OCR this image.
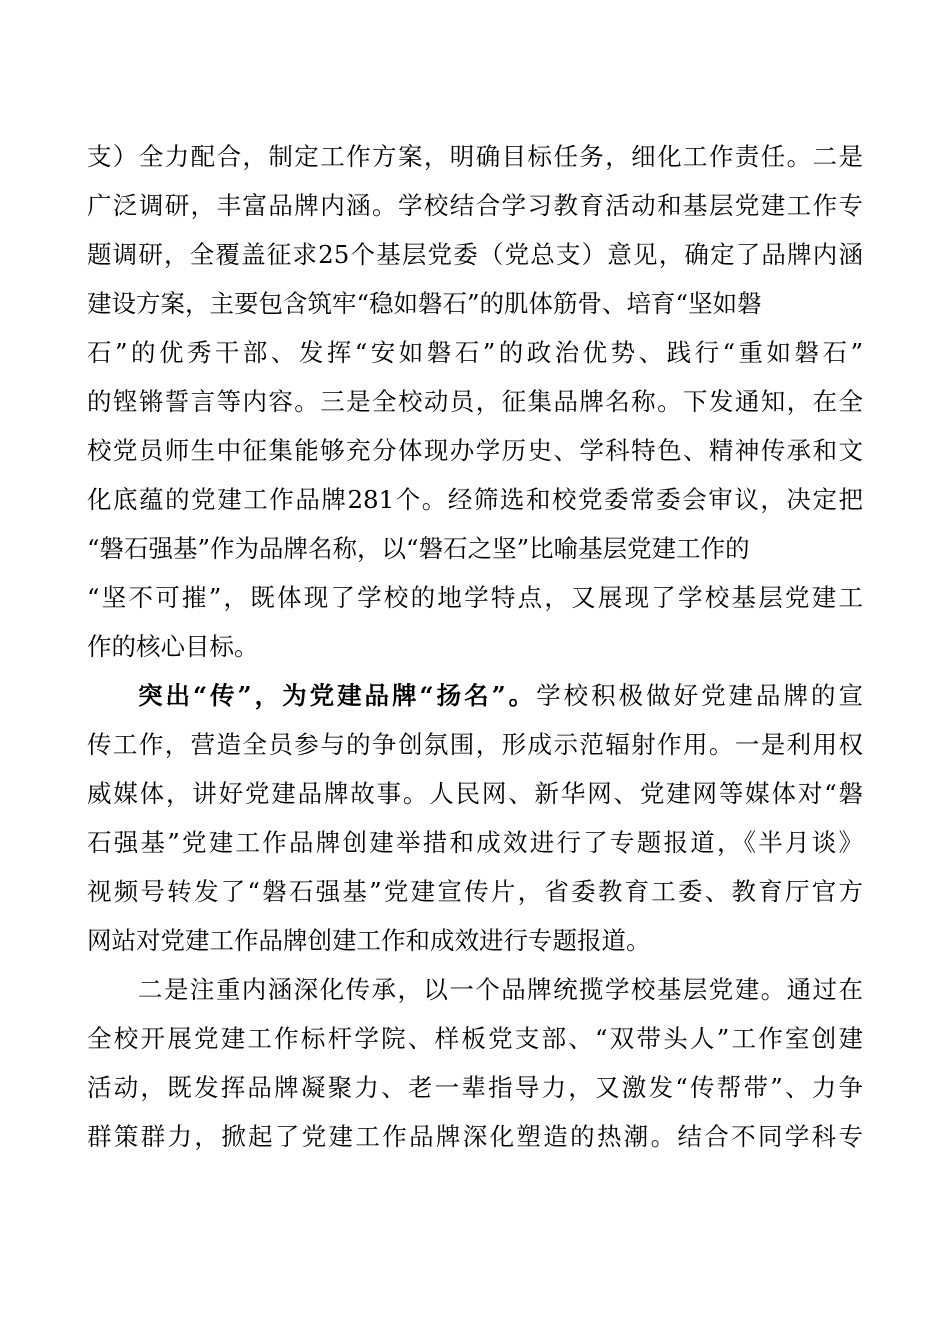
支）全力配合，制定工作方案，明确目标任务，细化工作责任。二是
广泛调研，丰富品牌内涵。学校结合学习教育活动和基层党建工作专
题调研，全覆盖征求25个基层党委（党总支）意见，确定了品牌内涵
建设方案，主要包含筑牢“稳如磐石”的肌体筋骨、培育“坚如磐
石”的优秀干部、发挥“安如磐石”的政治优势、践行“重如磐石”
的铿锵誓言等内容。三是全校动员，征集品牌名称。下发通知，在全
校党员师生中征集能够充分体现办学历史、学科特色、精神传承和文
化底蕴的党建工作品牌281个。经筛选和校党委常委会审议，决定把
“磐石强基”作为品牌名称，以“磐石之坚”比喻基层党建工作的
“坚不可摧”，既体现了学校的地学特点，又展现了学校基层党建工
作的核心目标。
突出“传”，为党建品牌“扬名”。学校积极做好党建品牌的宣
传工作，营造全员参与的争创氛围，形成示范辐射作用。一是利用权
威媒体，讲好党建品牌故事。人民网、新华网、党建网等媒体对“磐
石强基”党建工作品牌创建举措和成效进行了专题报道，《半月谈》
视频号转发了“磐石强基”党建宣传片，省委教育工委、教育厅官方
网站对党建工作品牌创建工作和成效进行专题报道。
二是注重内涵深化传承，以一个品牌统揽学校基层党建。通过在
全校开展党建工作标杆学院、样板党支部、“双带头人”工作室创建
活动，既发挥品牌凝聚力、老一辈指导力，又激发“传帮带”、力争
群策群力，掀起了党建工作品牌深化塑造的热潮。结合不同学科专
